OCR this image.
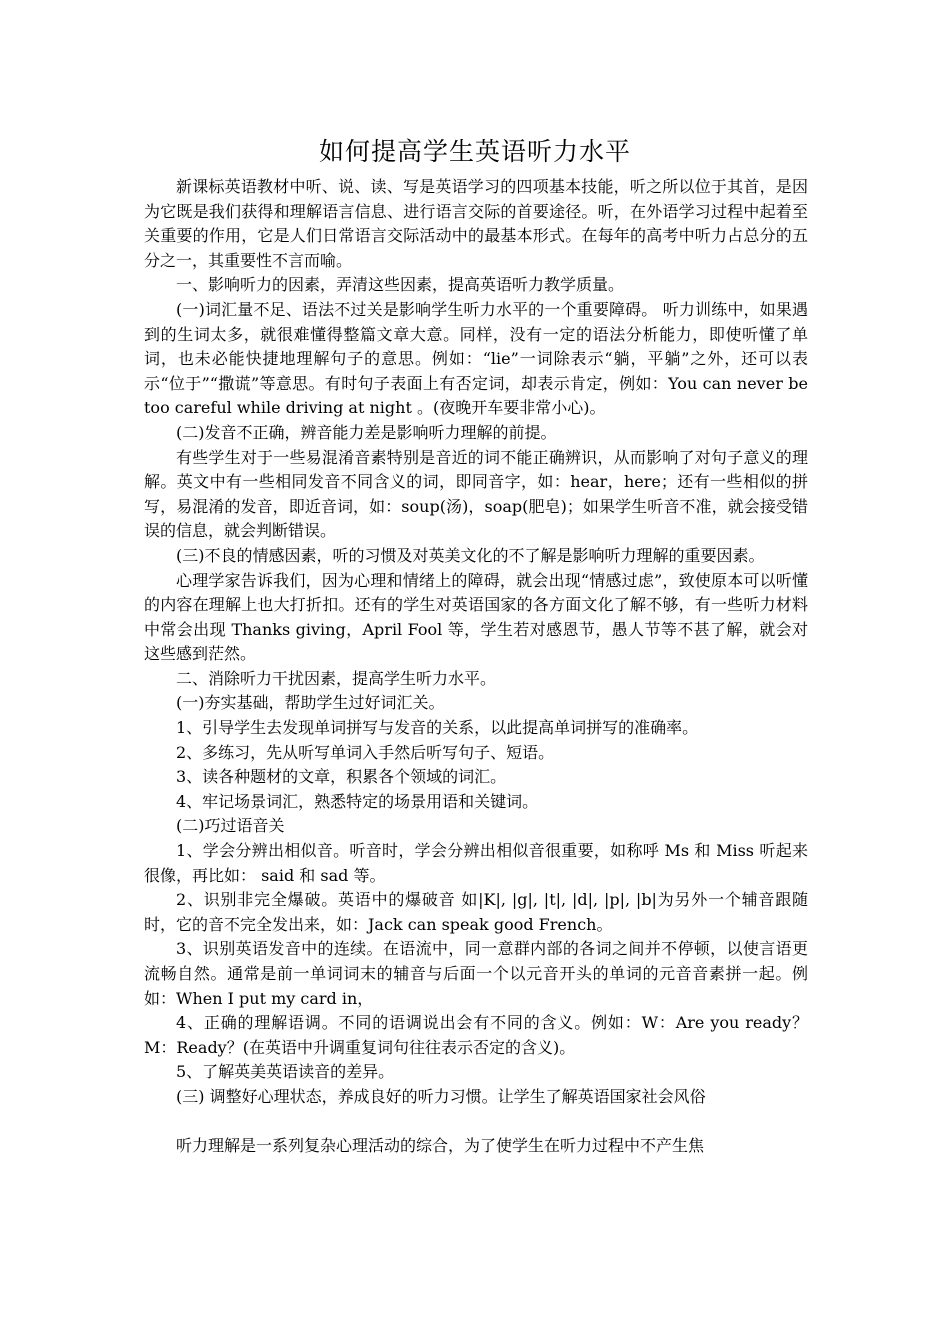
如何提高学生英语听力水平

新课标英语教材中听、说、读、写是英语学习的四项基本技能，听之所以位于其首，是因为它既是我们获得和理解语言信息、进行语言交际的首要途径。听，在外语学习过程中起着至关重要的作用，它是人们日常语言交际活动中的最基本形式。在每年的高考中听力占总分的五分之一，其重要性不言而喻。

一、影响听力的因素，弄清这些因素，提高英语听力教学质量。

(一)词汇量不足、语法不过关是影响学生听力水平的一个重要障碍。 听力训练中，如果遇到的生词太多，就很难懂得整篇文章大意。同样，没有一定的语法分析能力，即使听懂了单词，也未必能快捷地理解句子的意思。例如：“lie”一词除表示“躺，平躺”之外，还可以表示“位于”“撒谎”等意思。有时句子表面上有否定词，却表示肯定，例如：You can never be too careful while driving at night 。(夜晚开车要非常小心)。

(二)发音不正确，辨音能力差是影响听力理解的前提。

有些学生对于一些易混淆音素特别是音近的词不能正确辨识，从而影响了对句子意义的理解。英文中有一些相同发音不同含义的词，即同音字，如：hear，here；还有一些相似的拼写，易混淆的发音，即近音词，如：soup(汤)，soap(肥皂)；如果学生听音不准，就会接受错误的信息，就会判断错误。

(三)不良的情感因素，听的习惯及对英美文化的不了解是影响听力理解的重要因素。

心理学家告诉我们，因为心理和情绪上的障碍，就会出现“情感过虑”，致使原本可以听懂的内容在理解上也大打折扣。还有的学生对英语国家的各方面文化了解不够，有一些听力材料中常会出现 Thanks giving，April Fool 等，学生若对感恩节，愚人节等不甚了解，就会对这些感到茫然。

二、消除听力干扰因素，提高学生听力水平。

(一)夯实基础，帮助学生过好词汇关。

1、引导学生去发现单词拼写与发音的关系，以此提高单词拼写的准确率。

2、多练习，先从听写单词入手然后听写句子、短语。

3、读各种题材的文章，积累各个领域的词汇。

4、牢记场景词汇，熟悉特定的场景用语和关键词。

(二)巧过语音关

1、学会分辨出相似音。听音时，学会分辨出相似音很重要，如称呼 Ms 和 Miss 听起来很像，再比如： said 和 sad 等。

2、识别非完全爆破。英语中的爆破音 如|K|, |g|, |t|, |d|, |p|, |b|为另外一个辅音跟随时，它的音不完全发出来，如：Jack can speak good French。

3、识别英语发音中的连续。在语流中，同一意群内部的各词之间并不停顿，以使言语更流畅自然。通常是前一单词词末的辅音与后面一个以元音开头的单词的元音音素拼一起。例如：When I put my card in，

4、正确的理解语调。不同的语调说出会有不同的含义。例如：W：Are you ready？ M：Ready？(在英语中升调重复词句往往表示否定的含义)。

5、了解英美英语读音的差异。

(三) 调整好心理状态，养成良好的听力习惯。让学生了解英语国家社会风俗

听力理解是一系列复杂心理活动的综合，为了使学生在听力过程中不产生焦
